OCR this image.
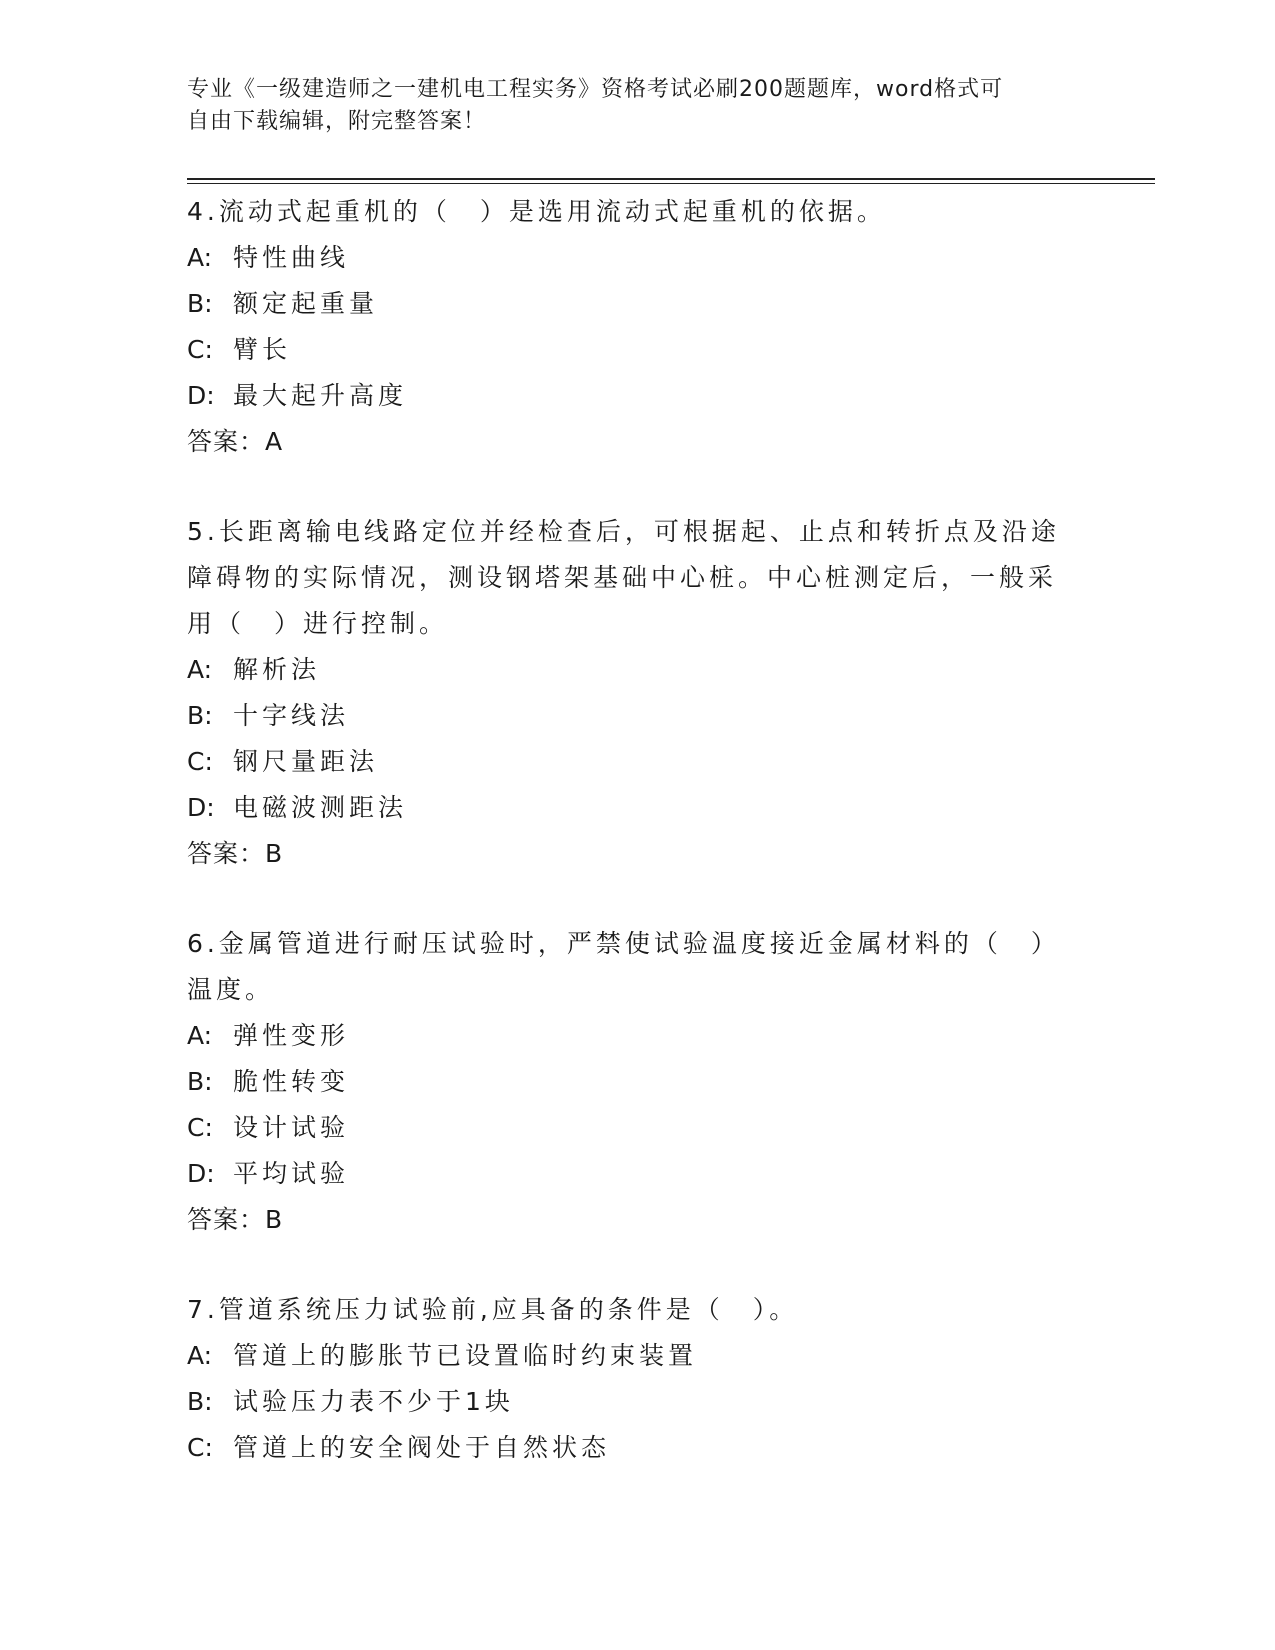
专业《一级建造师之一建机电工程实务》资格考试必刷200题题库，word格式可
自由下载编辑，附完整答案！
4.流动式起重机的（　）是选用流动式起重机的依据。
A: 特性曲线
B: 额定起重量
C: 臂长
D: 最大起升高度
答案：A
5.长距离输电线路定位并经检查后，可根据起、止点和转折点及沿途
障碍物的实际情况，测设钢塔架基础中心桩。中心桩测定后，一般采
用（　）进行控制。
A: 解析法
B: 十字线法
C: 钢尺量距法
D: 电磁波测距法
答案：B
6.金属管道进行耐压试验时，严禁使试验温度接近金属材料的（　）
温度。
A: 弹性变形
B: 脆性转变
C: 设计试验
D: 平均试验
答案：B
7.管道系统压力试验前,应具备的条件是（　）。
A: 管道上的膨胀节已设置临时约束装置
B: 试验压力表不少于1块
C: 管道上的安全阀处于自然状态
